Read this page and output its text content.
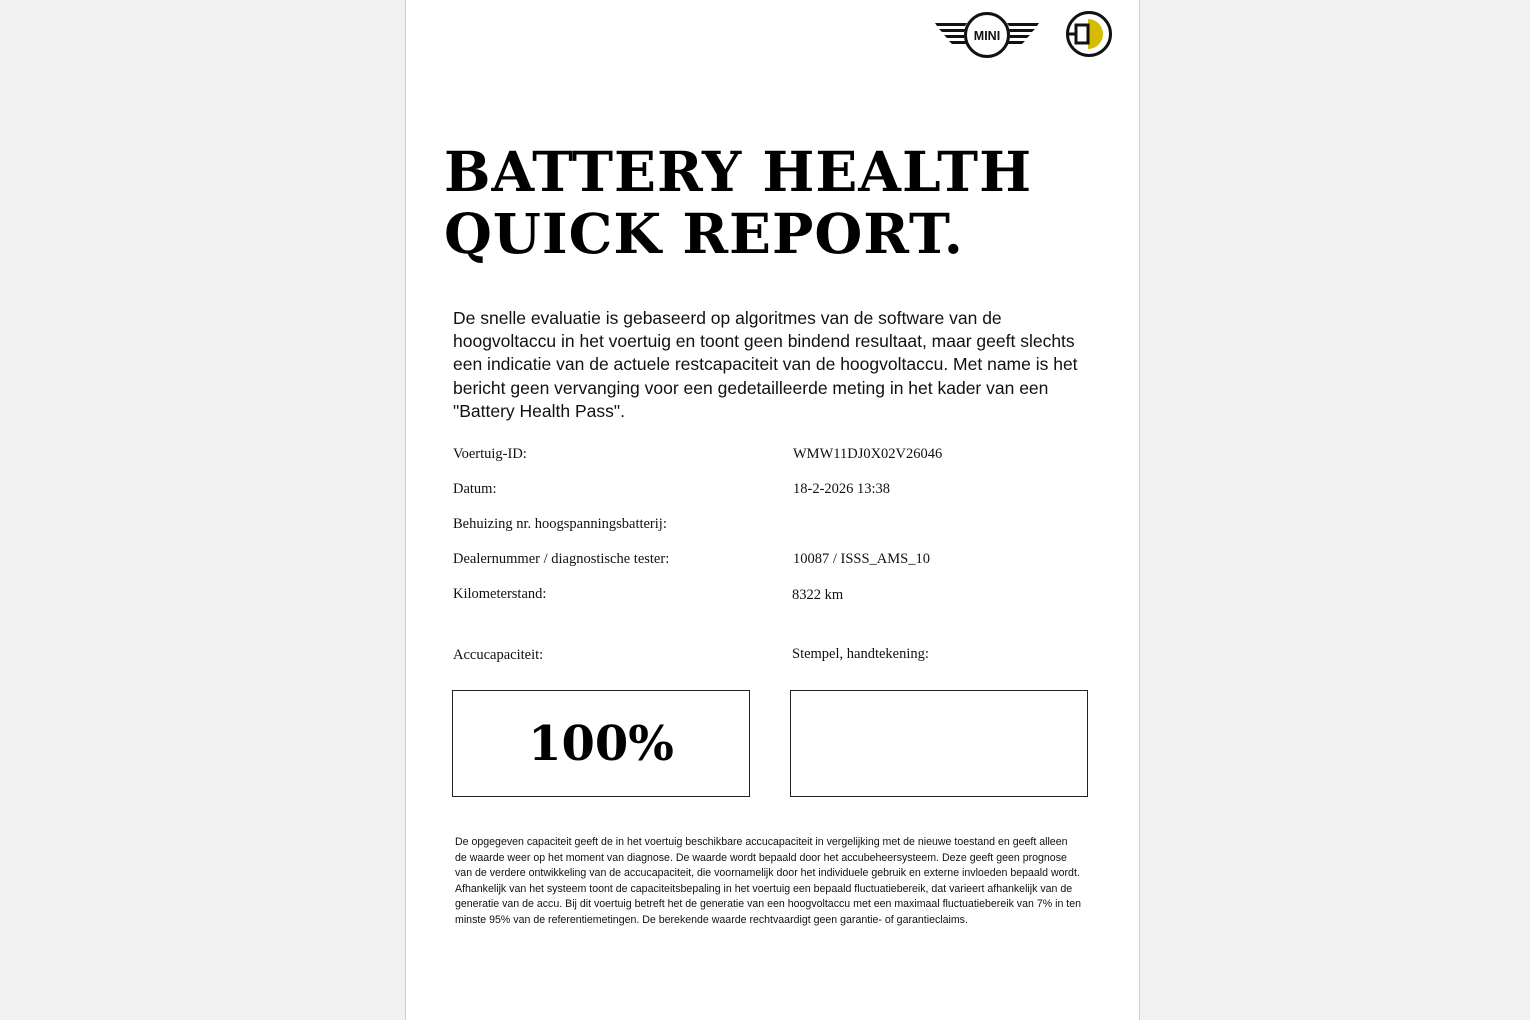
MINI
BATTERY HEALTH
QUICK REPORT.

De snelle evaluatie is gebaseerd op algoritmes van de software van de hoogvoltaccu in het voertuig en toont geen bindend resultaat, maar geeft slechts een indicatie van de actuele restcapaciteit van de hoogvoltaccu. Met name is het bericht geen vervanging voor een gedetailleerde meting in het kader van een "Battery Health Pass".

Voertuig-ID:	WMW11DJ0X02V26046
Datum:	18-2-2026 13:38
Behuizing nr. hoogspanningsbatterij:
Dealernummer / diagnostische tester:	10087 / ISSS_AMS_10
Kilometerstand:	8322 km
Accucapaciteit:	Stempel, handtekening:
100%

De opgegeven capaciteit geeft de in het voertuig beschikbare accucapaciteit in vergelijking met de nieuwe toestand en geeft alleen de waarde weer op het moment van diagnose. De waarde wordt bepaald door het accubeheersysteem. Deze geeft geen prognose van de verdere ontwikkeling van de accucapaciteit, die voornamelijk door het individuele gebruik en externe invloeden bepaald wordt. Afhankelijk van het systeem toont de capaciteitsbepaling in het voertuig een bepaald fluctuatiebereik, dat varieert afhankelijk van de generatie van de accu. Bij dit voertuig betreft het de generatie van een hoogvoltaccu met een maximaal fluctuatiebereik van 7% in ten minste 95% van de referentiemetingen. De berekende waarde rechtvaardigt geen garantie- of garantieclaims.
